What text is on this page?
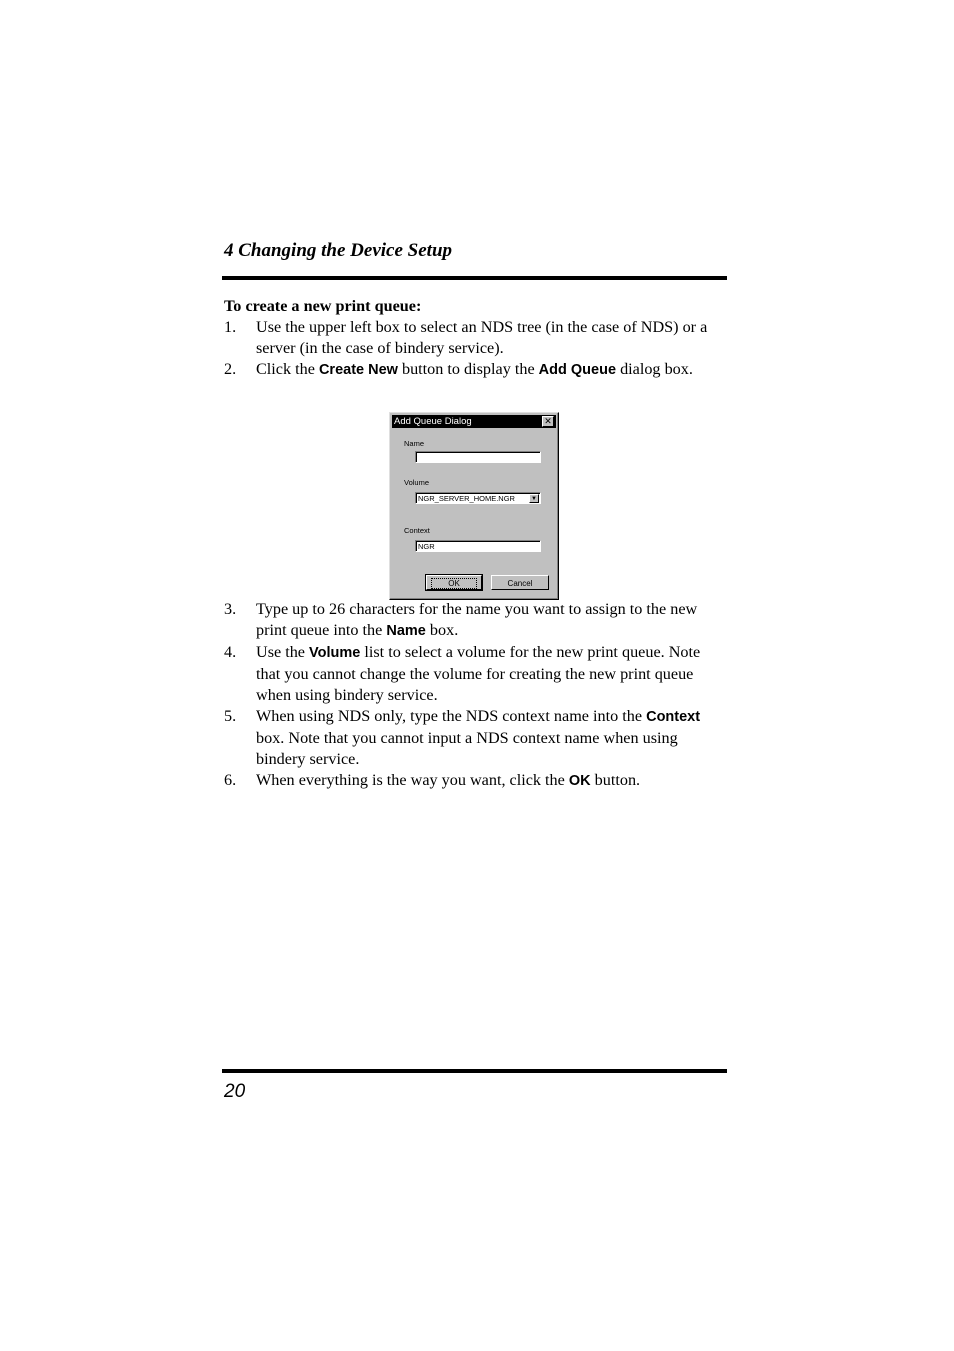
4 Changing the Device Setup
To create a new print queue:
1. Use the upper left box to select an NDS tree (in the case of NDS) or a server (in the case of bindery service).
2. Click the Create New button to display the Add Queue dialog box.
3. Type up to 26 characters for the name you want to assign to the new print queue into the Name box.
4. Use the Volume list to select a volume for the new print queue. Note that you cannot change the volume for creating the new print queue when using bindery service.
5. When using NDS only, type the NDS context name into the Context box. Note that you cannot input a NDS context name when using bindery service.
6. When everything is the way you want, click the OK button.
Add Queue Dialog	✕
Name
Volume
NGR_SERVER_HOME.NGR	▼
Context
NGR
OK	Cancel
20
